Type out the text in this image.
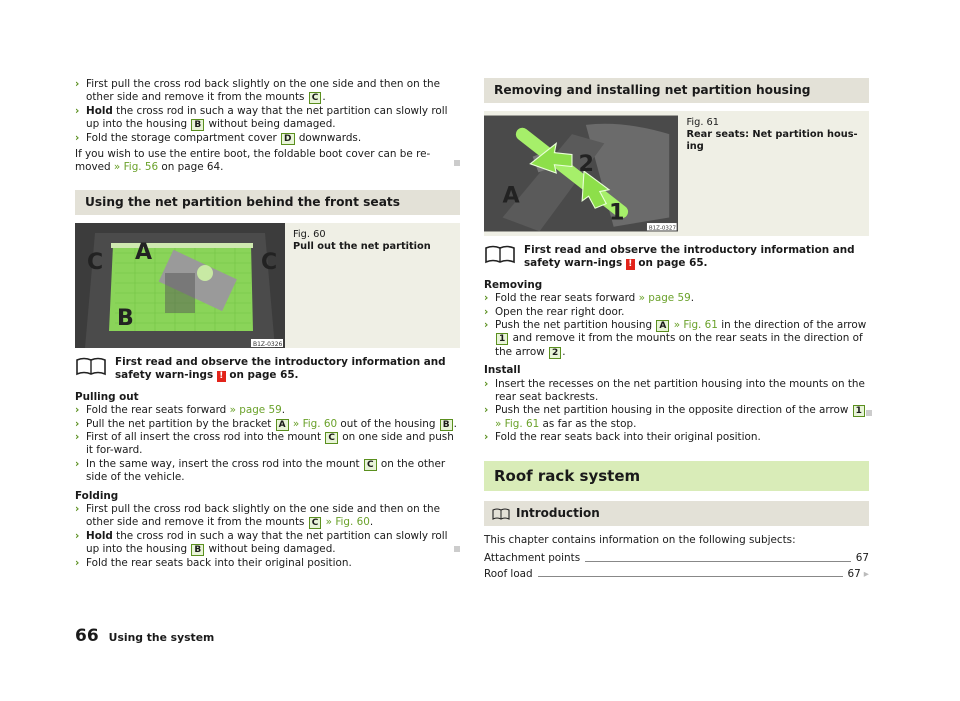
› First pull the cross rod back slightly on the one side and then on the other side and remove it from the mounts C .
› Hold the cross rod in such a way that the net partition can slowly roll up into the housing B without being damaged.
› Fold the storage compartment cover D downwards.

If you wish to use the entire boot, the foldable boot cover can be re-moved » Fig. 56 on page 64.

Using the net partition behind the front seats
C A	C
B
B1Z-0326
Fig. 60
Pull out the net partition
First read and observe the introductory information and safety warn-ings ! on page 65.

Pulling out

› Fold the rear seats forward » page 59.
› Pull the net partition by the bracket A » Fig. 60 out of the housing B .
› First of all insert the cross rod into the mount C on one side and push it for-ward.
› In the same way, insert the cross rod into the mount C on the other side of the vehicle.

Folding

› First pull the cross rod back slightly on the one side and then on the other side and remove it from the mounts C » Fig. 60.
› Hold the cross rod in such a way that the net partition can slowly roll up into the housing B without being damaged.
› Fold the rear seats back into their original position.
Removing and installing net partition housing
2
A
1
B1Z-0327
Fig. 61
Rear seats: Net partition hous-ing
First read and observe the introductory information and safety warn-ings ! on page 65.

Removing

› Fold the rear seats forward » page 59.
› Open the rear right door.
› Push the net partition housing A » Fig. 61 in the direction of the arrow 1 and remove it from the mounts on the rear seats in the direction of the arrow 2 .

Install

› Insert the recesses on the net partition housing into the mounts on the rear seat backrests.
› Push the net partition housing in the opposite direction of the arrow 1 » Fig. 61 as far as the stop.
› Fold the rear seats back into their original position.
Roof rack system
Introduction

This chapter contains information on the following subjects:

Attachment points	67
Roof load	67 ▸
66 Using the system
